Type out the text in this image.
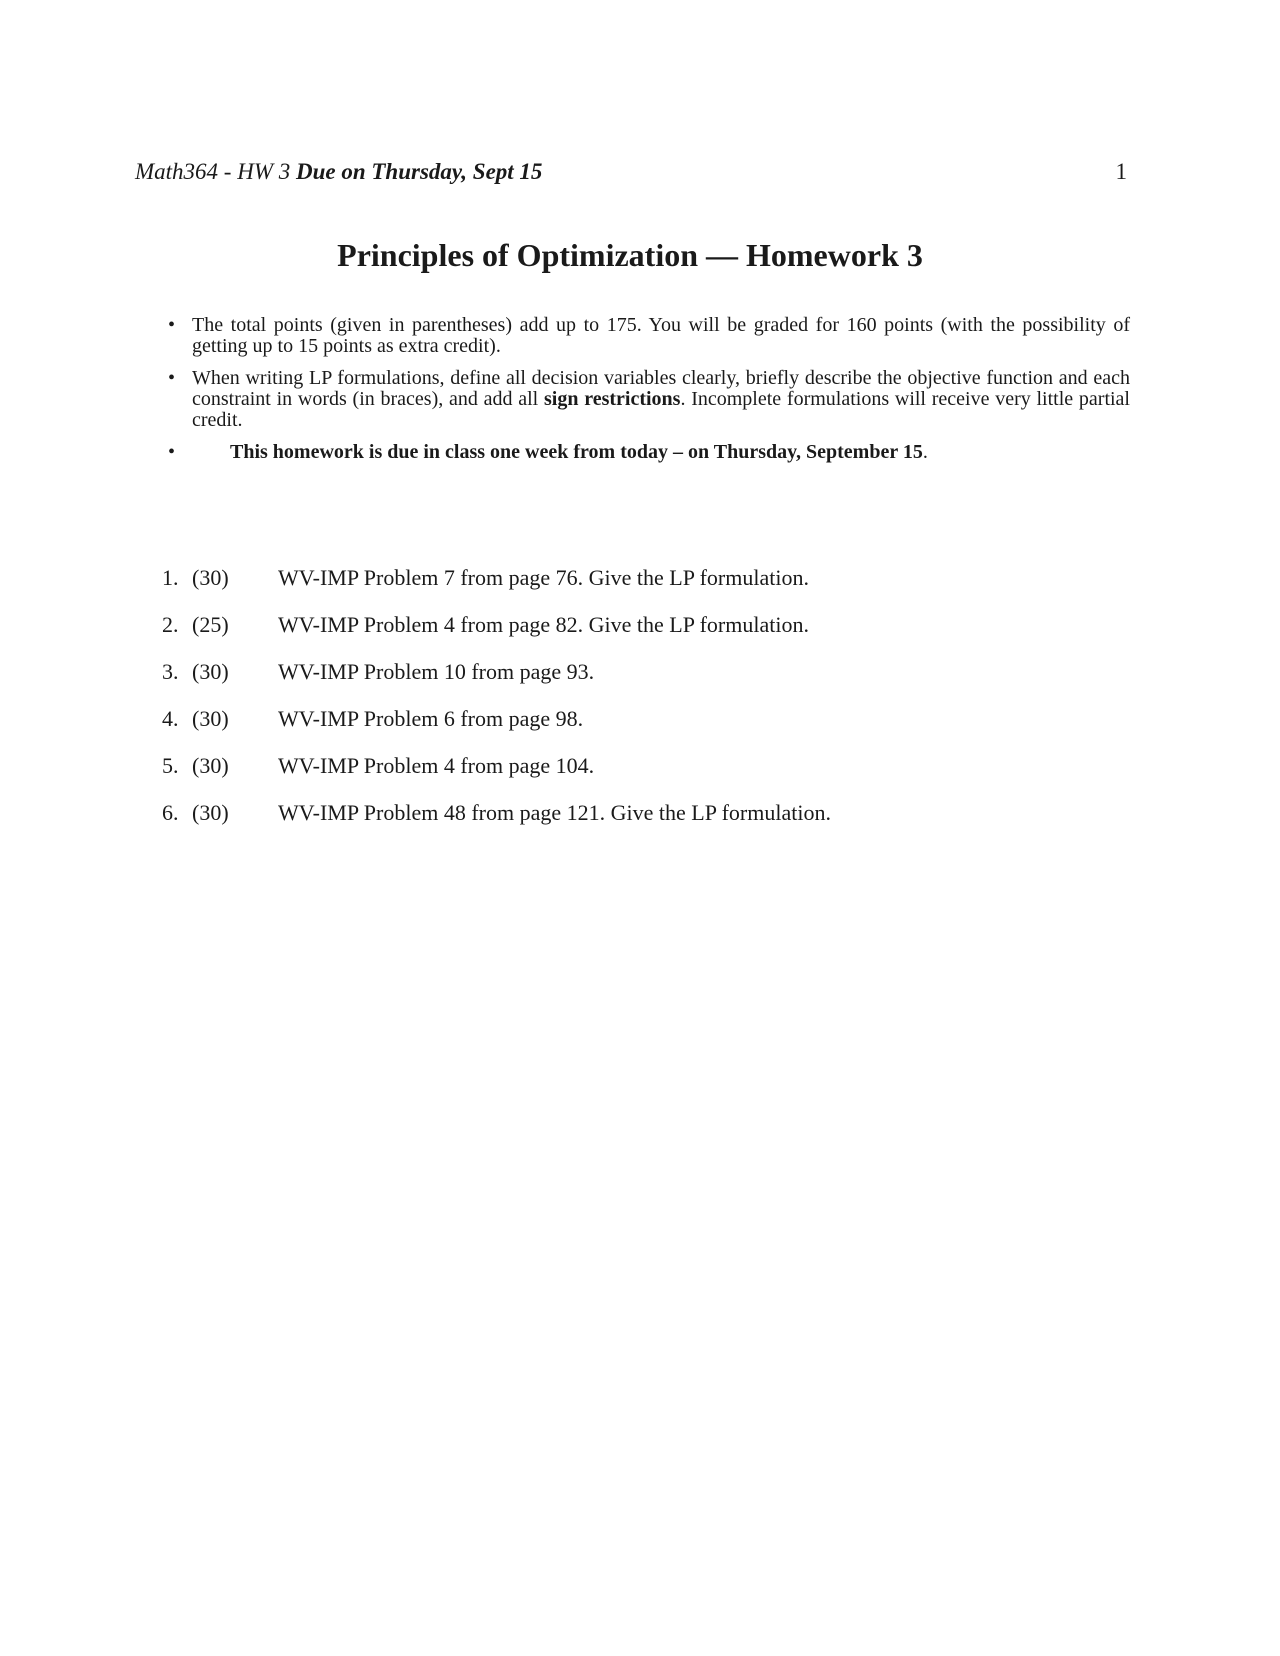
Math364 - HW 3 Due on Thursday, Sept 15	1
Principles of Optimization — Homework 3
• The total points (given in parentheses) add up to 175. You will be graded for 160 points (with the possibility of getting up to 15 points as extra credit).
• When writing LP formulations, define all decision variables clearly, briefly describe the objective function and each constraint in words (in braces), and add all sign restrictions. Incomplete formulations will receive very little partial credit.
•	This homework is due in class one week from today – on Thursday, September 15.
1. (30) WV-IMP Problem 7 from page 76. Give the LP formulation.
2. (25) WV-IMP Problem 4 from page 82. Give the LP formulation.
3. (30) WV-IMP Problem 10 from page 93.
4. (30) WV-IMP Problem 6 from page 98.
5. (30) WV-IMP Problem 4 from page 104.
6. (30) WV-IMP Problem 48 from page 121. Give the LP formulation.
